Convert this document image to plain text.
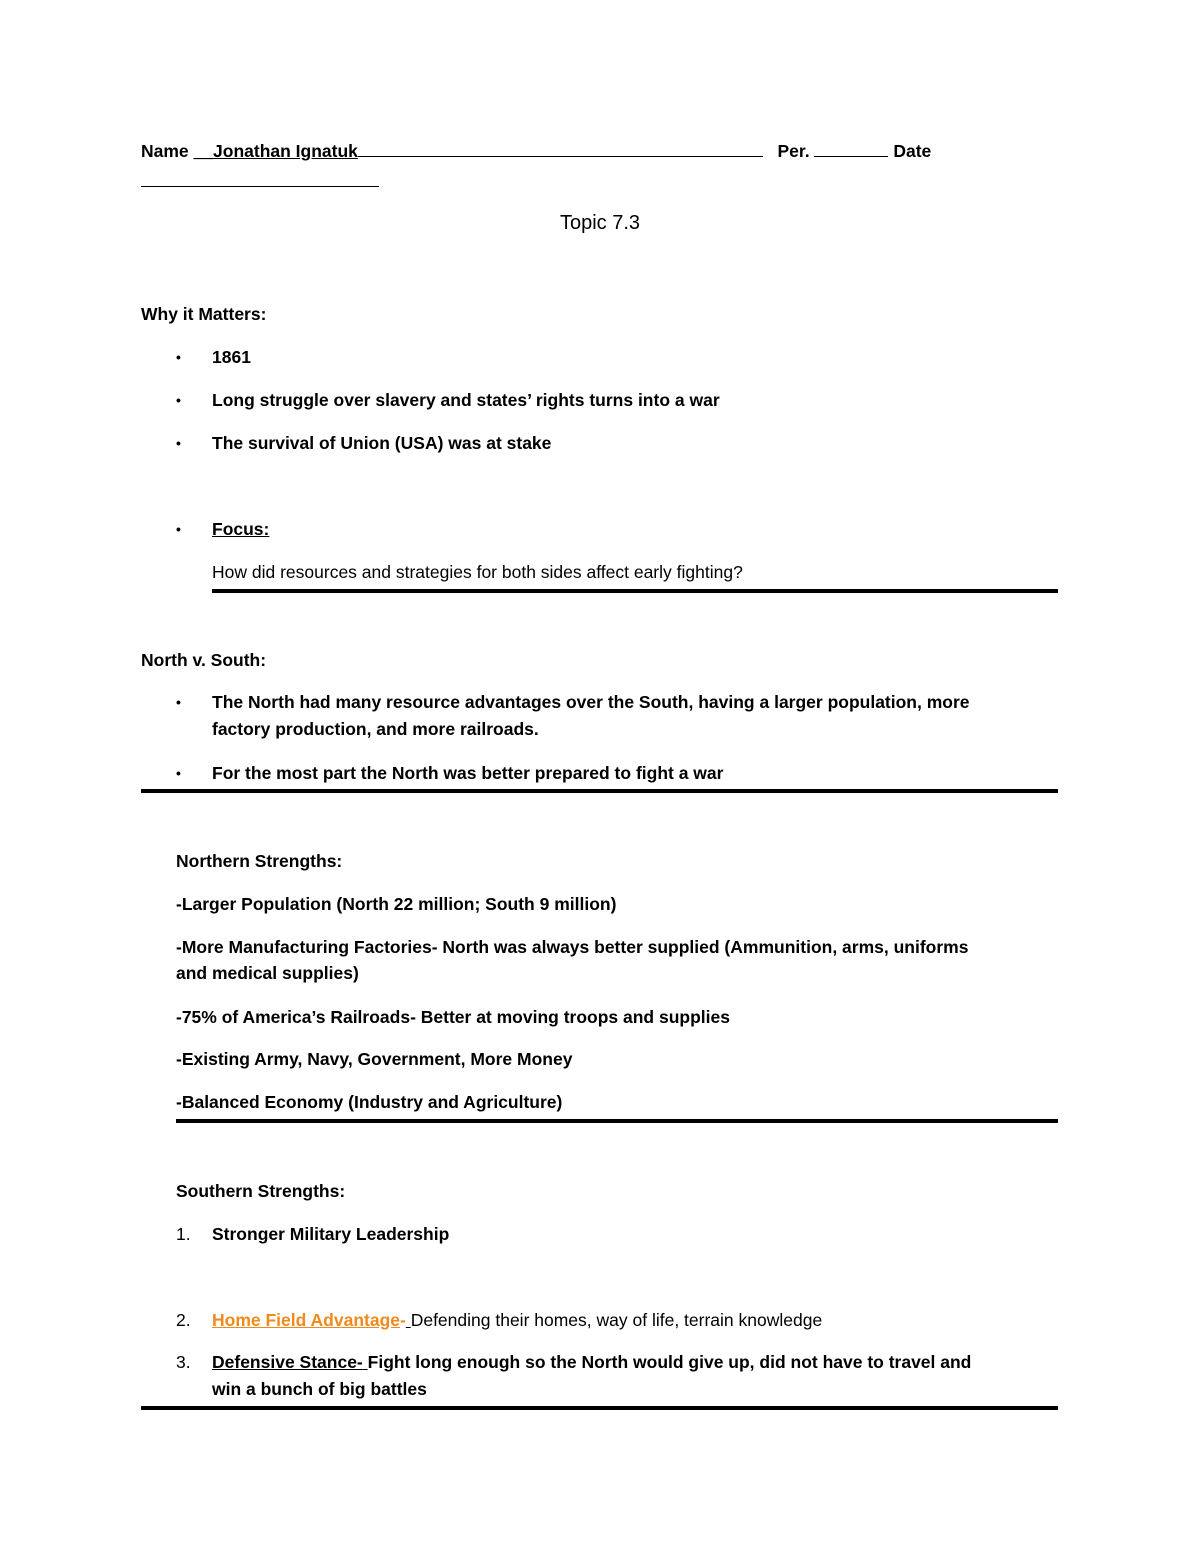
Name __Jonathan Ignatuk	Per.	Date
Topic 7.3
Why it Matters:
• 1861
• Long struggle over slavery and states’ rights turns into a war
• The survival of Union (USA) was at stake
• Focus:
How did resources and strategies for both sides affect early fighting?
North v. South:
• The North had many resource advantages over the South, having a larger population, more
factory production, and more railroads.
• For the most part the North was better prepared to fight a war
Northern Strengths:
-Larger Population (North 22 million; South 9 million)
-More Manufacturing Factories- North was always better supplied (Ammunition, arms, uniforms
and medical supplies)
-75% of America’s Railroads- Better at moving troops and supplies
-Existing Army, Navy, Government, More Money
-Balanced Economy (Industry and Agriculture)
Southern Strengths:
1. Stronger Military Leadership
2. Home Field Advantage- Defending their homes, way of life, terrain knowledge
3. Defensive Stance- Fight long enough so the North would give up, did not have to travel and
win a bunch of big battles
